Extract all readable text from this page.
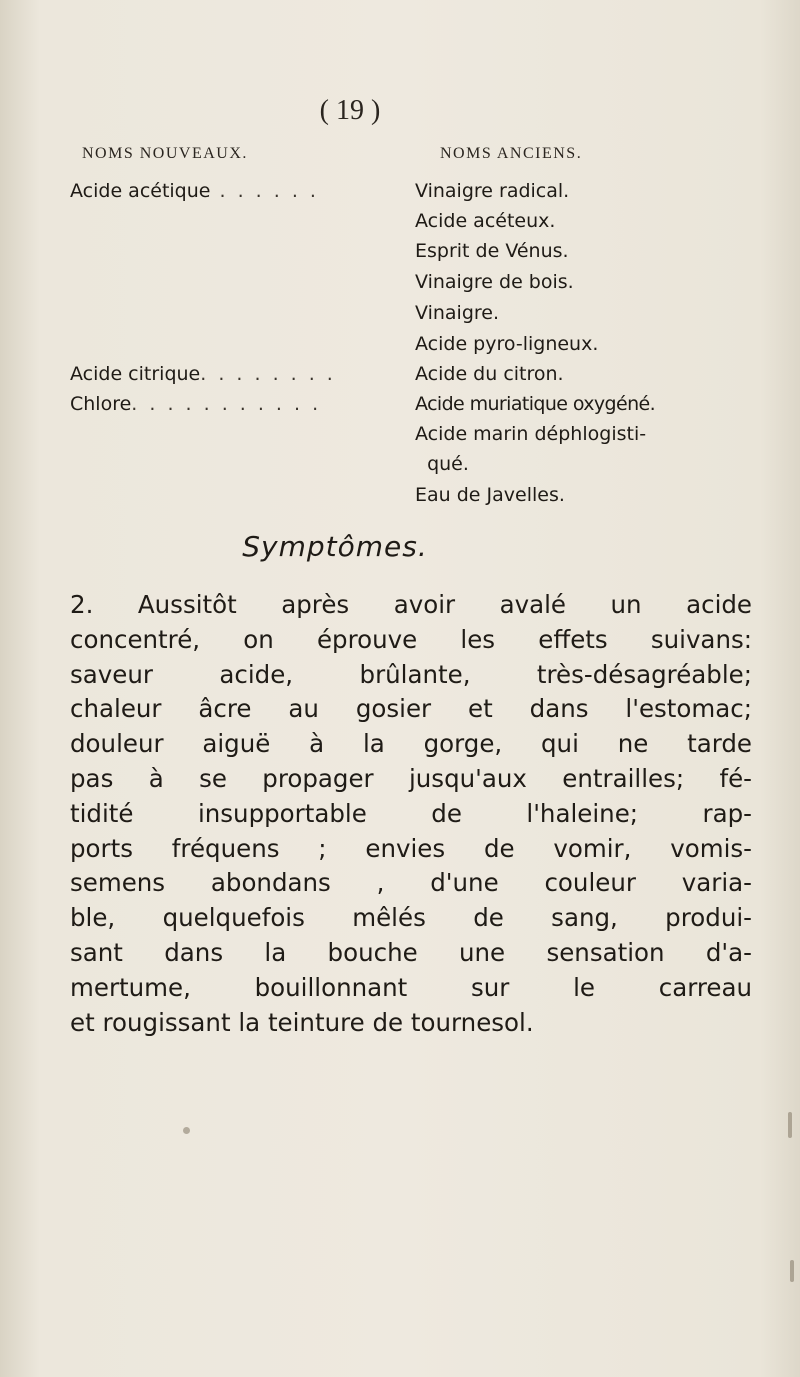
( 19 )
NOMS NOUVEAUX.	NOMS ANCIENS.
Acide acétique . . . . . .	Vinaigre radical.
Acide acéteux.
Esprit de Vénus.
Vinaigre de bois.
Vinaigre.
Acide pyro-ligneux.
Acide citrique. . . . . . . .	Acide du citron.
Chlore. . . . . . . . . . .	Acide muriatique oxygéné.
Acide marin déphlogisti-
qué.
Eau de Javelles.
Symptômes.
2. Aussitôt après avoir avalé un acide
concentré, on éprouve les effets suivans:
saveur acide, brûlante, très-désagréable;
chaleur âcre au gosier et dans l'estomac;
douleur aiguë à la gorge, qui ne tarde
pas à se propager jusqu'aux entrailles; fé-
tidité insupportable de l'haleine; rap-
ports fréquens ; envies de vomir, vomis-
semens abondans , d'une couleur varia-
ble, quelquefois mêlés de sang, produi-
sant dans la bouche une sensation d'a-
mertume, bouillonnant sur le carreau
et rougissant la teinture de tournesol.
